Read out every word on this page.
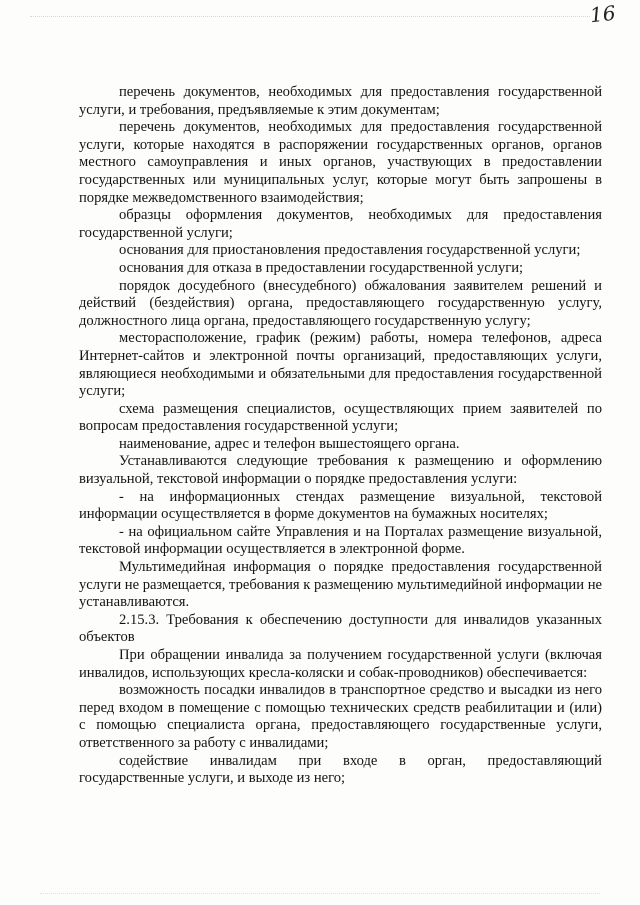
16

перечень документов, необходимых для предоставления государственной услуги, и требования, предъявляемые к этим документам;

перечень документов, необходимых для предоставления государственной услуги, которые находятся в распоряжении государственных органов, органов местного самоуправления и иных органов, участвующих в предоставлении государственных или муниципальных услуг, которые могут быть запрошены в порядке межведомственного взаимодействия;

образцы оформления документов, необходимых для предоставления государственной услуги;

основания для приостановления предоставления государственной услуги;

основания для отказа в предоставлении государственной услуги;

порядок досудебного (внесудебного) обжалования заявителем решений и действий (бездействия) органа, предоставляющего государственную услугу, должностного лица органа, предоставляющего государственную услугу;

месторасположение, график (режим) работы, номера телефонов, адреса Интернет-сайтов и электронной почты организаций, предоставляющих услуги, являющиеся необходимыми и обязательными для предоставления государственной услуги;

схема размещения специалистов, осуществляющих прием заявителей по вопросам предоставления государственной услуги;

наименование, адрес и телефон вышестоящего органа.

Устанавливаются следующие требования к размещению и оформлению визуальной, текстовой информации о порядке предоставления услуги:

- на информационных стендах размещение визуальной, текстовой информации осуществляется в форме документов на бумажных носителях;

- на официальном сайте Управления и на Порталах размещение визуальной, текстовой информации осуществляется в электронной форме.

Мультимедийная информация о порядке предоставления государственной услуги не размещается, требования к размещению мультимедийной информации не устанавливаются.

2.15.3. Требования к обеспечению доступности для инвалидов указанных объектов

При обращении инвалида за получением государственной услуги (включая инвалидов, использующих кресла-коляски и собак-проводников) обеспечивается:

возможность посадки инвалидов в транспортное средство и высадки из него перед входом в помещение с помощью технических средств реабилитации и (или) с помощью специалиста органа, предоставляющего государственные услуги, ответственного за работу с инвалидами;

содействие инвалидам при входе в орган, предоставляющий государственные услуги, и выходе из него;
